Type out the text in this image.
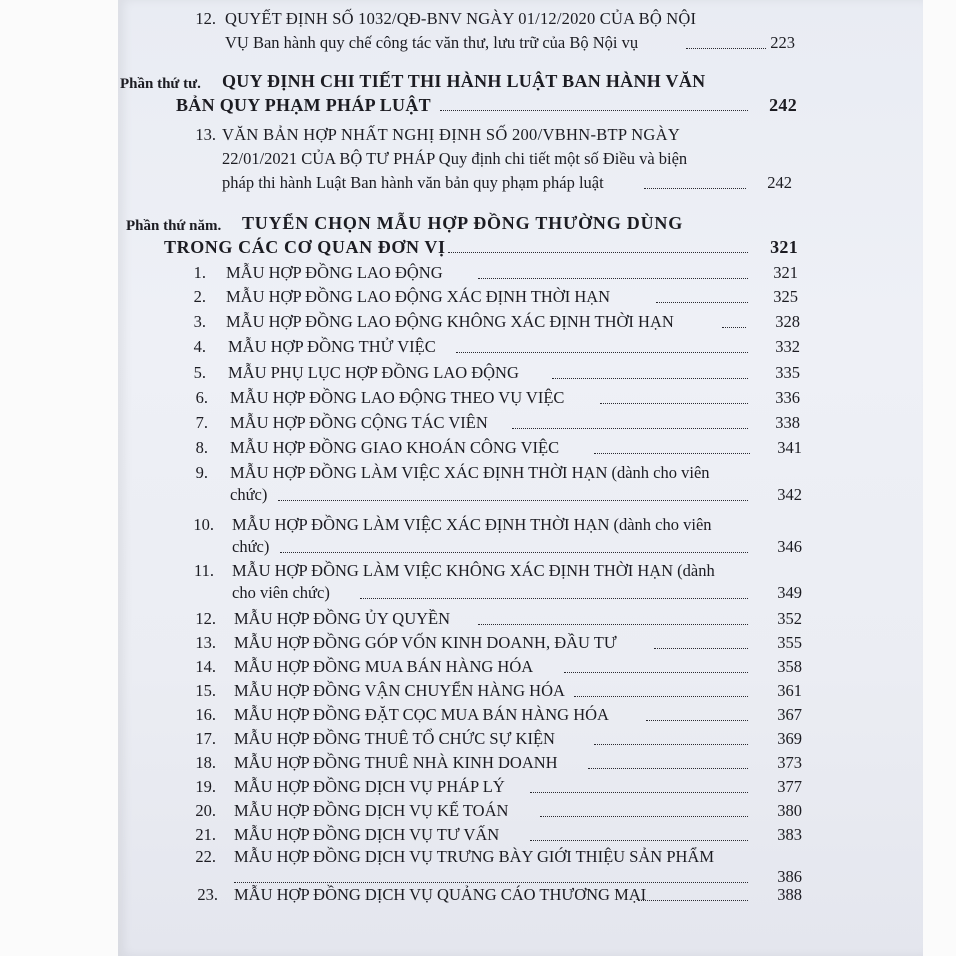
12. QUYẾT ĐỊNH SỐ 1032/QĐ-BNV NGÀY 01/12/2020 CỦA BỘ NỘI
VỤ Ban hành quy chế công tác văn thư, lưu trữ của Bộ Nội vụ	223
Phần thứ tư. QUY ĐỊNH CHI TIẾT THI HÀNH LUẬT BAN HÀNH VĂN
BẢN QUY PHẠM PHÁP LUẬT	242
13. VĂN BẢN HỢP NHẤT NGHỊ ĐỊNH SỐ 200/VBHN-BTP NGÀY
22/01/2021 CỦA BỘ TƯ PHÁP Quy định chi tiết một số Điều và biện
pháp thi hành Luật Ban hành văn bản quy phạm pháp luật	242
Phần thứ năm. TUYỂN CHỌN MẪU HỢP ĐỒNG THƯỜNG DÙNG
TRONG CÁC CƠ QUAN ĐƠN VỊ	321
1. MẪU HỢP ĐỒNG LAO ĐỘNG	321
2. MẪU HỢP ĐỒNG LAO ĐỘNG XÁC ĐỊNH THỜI HẠN	325
3. MẪU HỢP ĐỒNG LAO ĐỘNG KHÔNG XÁC ĐỊNH THỜI HẠN	328
4. MẪU HỢP ĐỒNG THỬ VIỆC	332
5. MẪU PHỤ LỤC HỢP ĐỒNG LAO ĐỘNG	335
6. MẪU HỢP ĐỒNG LAO ĐỘNG THEO VỤ VIỆC	336
7. MẪU HỢP ĐỒNG CỘNG TÁC VIÊN	338
8. MẪU HỢP ĐỒNG GIAO KHOÁN CÔNG VIỆC	341
9. MẪU HỢP ĐỒNG LÀM VIỆC XÁC ĐỊNH THỜI HẠN (dành cho viên
chức)	342
10. MẪU HỢP ĐỒNG LÀM VIỆC XÁC ĐỊNH THỜI HẠN (dành cho viên
chức)	346
11. MẪU HỢP ĐỒNG LÀM VIỆC KHÔNG XÁC ĐỊNH THỜI HẠN (dành
cho viên chức)	349
12. MẪU HỢP ĐỒNG ỦY QUYỀN	352
13. MẪU HỢP ĐỒNG GÓP VỐN KINH DOANH, ĐẦU TƯ	355
14. MẪU HỢP ĐỒNG MUA BÁN HÀNG HÓA	358
15. MẪU HỢP ĐỒNG VẬN CHUYỂN HÀNG HÓA	361
16. MẪU HỢP ĐỒNG ĐẶT CỌC MUA BÁN HÀNG HÓA	367
17. MẪU HỢP ĐỒNG THUÊ TỔ CHỨC SỰ KIỆN	369
18. MẪU HỢP ĐỒNG THUÊ NHÀ KINH DOANH	373
19. MẪU HỢP ĐỒNG DỊCH VỤ PHÁP LÝ	377
20. MẪU HỢP ĐỒNG DỊCH VỤ KẾ TOÁN	380
21. MẪU HỢP ĐỒNG DỊCH VỤ TƯ VẤN	383
22. MẪU HỢP ĐỒNG DỊCH VỤ TRƯNG BÀY GIỚI THIỆU SẢN PHẨM
386
23. MẪU HỢP ĐỒNG DỊCH VỤ QUẢNG CÁO THƯƠNG MẠI	388
